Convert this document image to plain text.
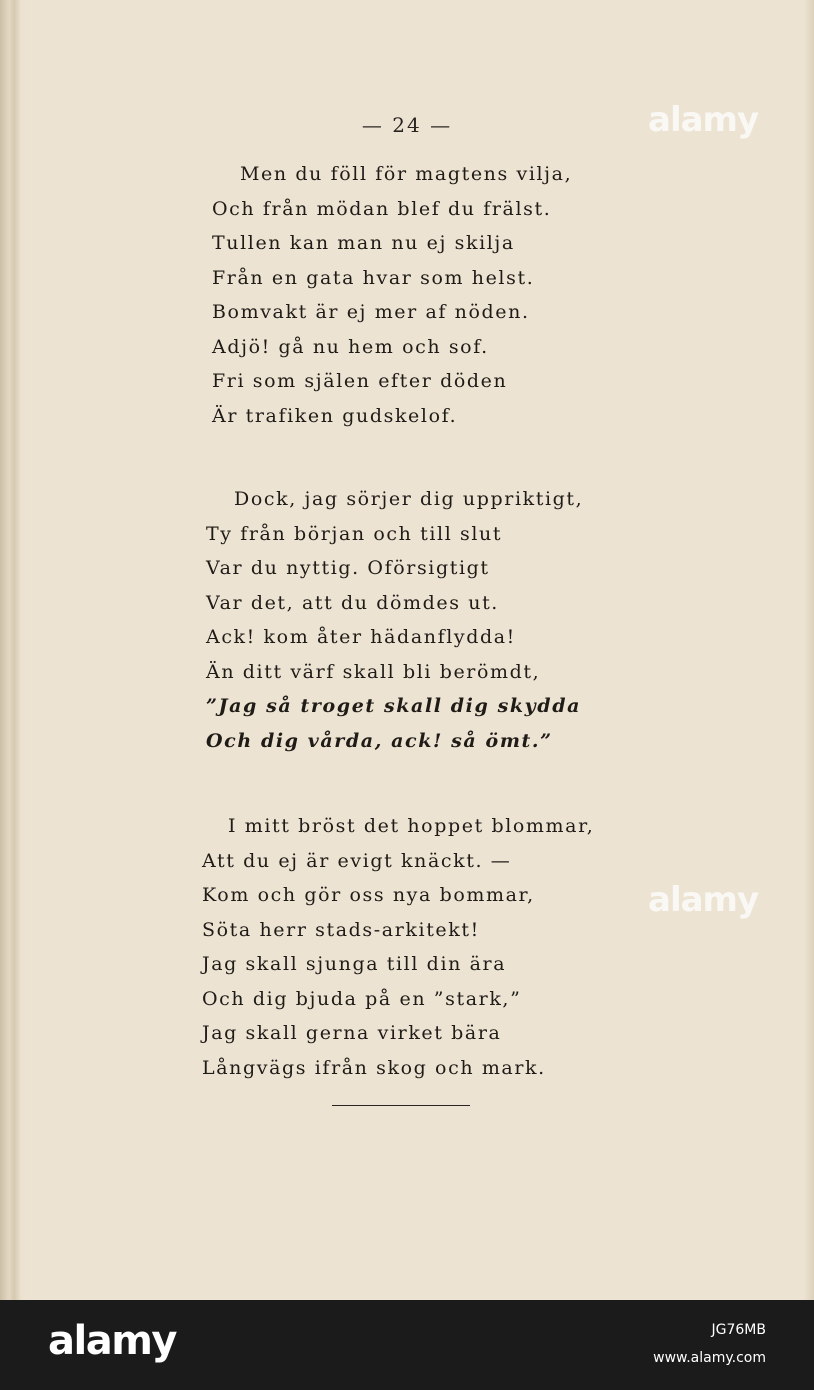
— 24 —
Men du föll för magtens vilja,
Och från mödan blef du frälst.
Tullen kan man nu ej skilja
Från en gata hvar som helst.
Bomvakt är ej mer af nöden.
Adjö! gå nu hem och sof.
Fri som själen efter döden
Är trafiken gudskelof.
Dock, jag sörjer dig uppriktigt,
Ty från början och till slut
Var du nyttig. Oförsigtigt
Var det, att du dömdes ut.
Ack! kom åter hädanflydda!
Än ditt värf skall bli berömdt,
”Jag så troget skall dig skydda
Och dig vårda, ack! så ömt.”
I mitt bröst det hoppet blommar,
Att du ej är evigt knäckt. —
Kom och gör oss nya bommar,
Söta herr stads-arkitekt!
Jag skall sjunga till din ära
Och dig bjuda på en ”stark,”
Jag skall gerna virket bära
Långvägs ifrån skog och mark.
alamy
alamy
alamy	JG76MB
www.alamy.com
